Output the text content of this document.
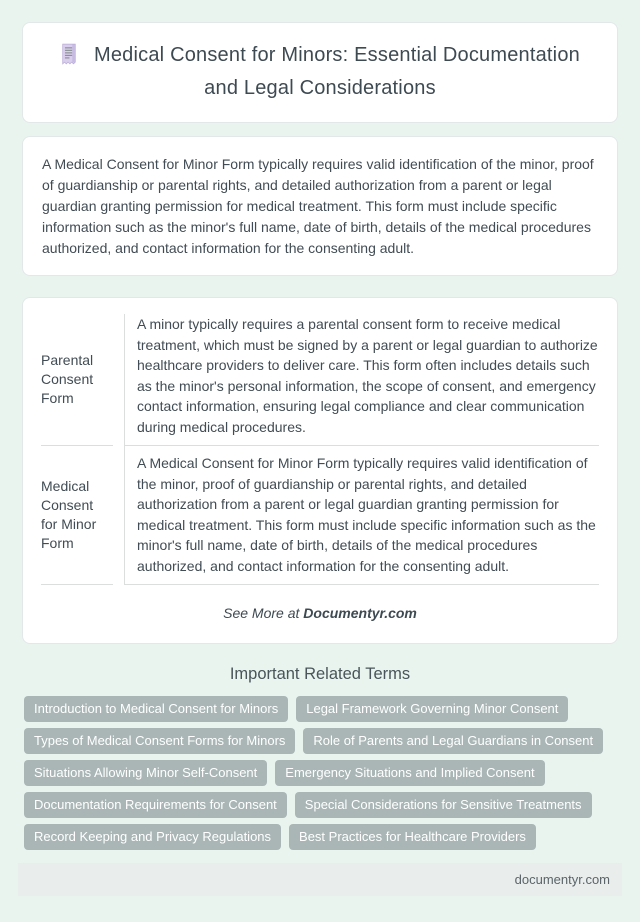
Medical Consent for Minors: Essential Documentation and Legal Considerations

A Medical Consent for Minor Form typically requires valid identification of the minor, proof of guardianship or parental rights, and detailed authorization from a parent or legal guardian granting permission for medical treatment. This form must include specific information such as the minor's full name, date of birth, details of the medical procedures authorized, and contact information for the consenting adult.

Parental Consent Form
A minor typically requires a parental consent form to receive medical treatment, which must be signed by a parent or legal guardian to authorize healthcare providers to deliver care. This form often includes details such as the minor's personal information, the scope of consent, and emergency contact information, ensuring legal compliance and clear communication during medical procedures.
Medical Consent for Minor Form
A Medical Consent for Minor Form typically requires valid identification of the minor, proof of guardianship or parental rights, and detailed authorization from a parent or legal guardian granting permission for medical treatment. This form must include specific information such as the minor's full name, date of birth, details of the medical procedures authorized, and contact information for the consenting adult.
See More at Documentyr.com
Important Related Terms
Introduction to Medical Consent for Minors	Legal Framework Governing Minor Consent
Types of Medical Consent Forms for Minors	Role of Parents and Legal Guardians in Consent
Situations Allowing Minor Self-Consent	Emergency Situations and Implied Consent
Documentation Requirements for Consent	Special Considerations for Sensitive Treatments
Record Keeping and Privacy Regulations	Best Practices for Healthcare Providers
documentyr.com
